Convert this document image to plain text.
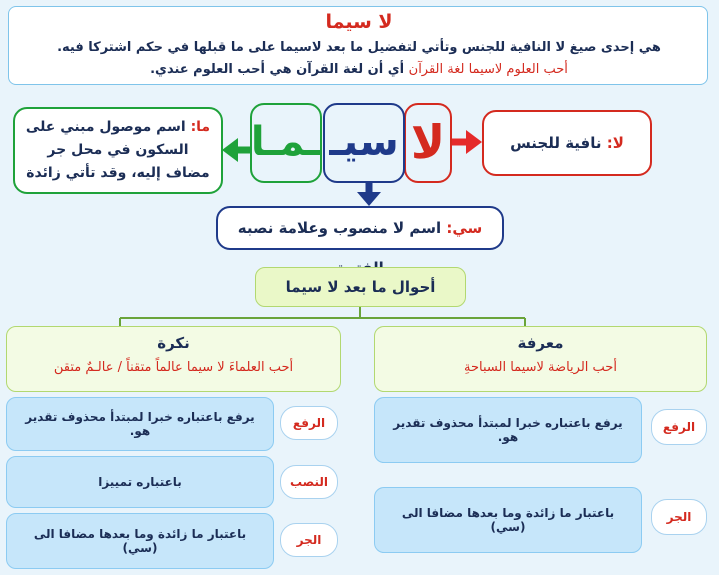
لا سيما
هي إحدى صيغ لا النافية للجنس وتأتي لتفضيل ما بعد لاسيما على ما قبلها في حكم اشتركا فيه.
أحب العلوم لاسيما لغة القرآن أي أن لغة القرآن هي أحب العلوم عندي.
لا
سيـ
ـمـا	لا: نافية للجنس
ما: اسم موصول مبني على السكون في محل جر مضاف إليه، وقد تأتي زائدة
سي: اسم لا منصوب وعلامة نصبه
أحوال ما بعد لا سيما
معرفة
أحب الرياضة لاسيما السباحةِ
يرفع باعتباره خبرا لمبتدأ محذوف تقدير هو.
الرفع
باعتبار ما زائدة وما بعدها مضافا الى (سي)
الجر
نكرة
أحب العلماءَ لا سيما عالماً متقناً / عالـمٌ متقن
يرفع باعتباره خبرا لمبتدأ محذوف تقدير هو.
الرفع
باعتباره تمييزا	النصب
باعتبار ما زائدة وما بعدها مضافا الى (سي)
الجر
